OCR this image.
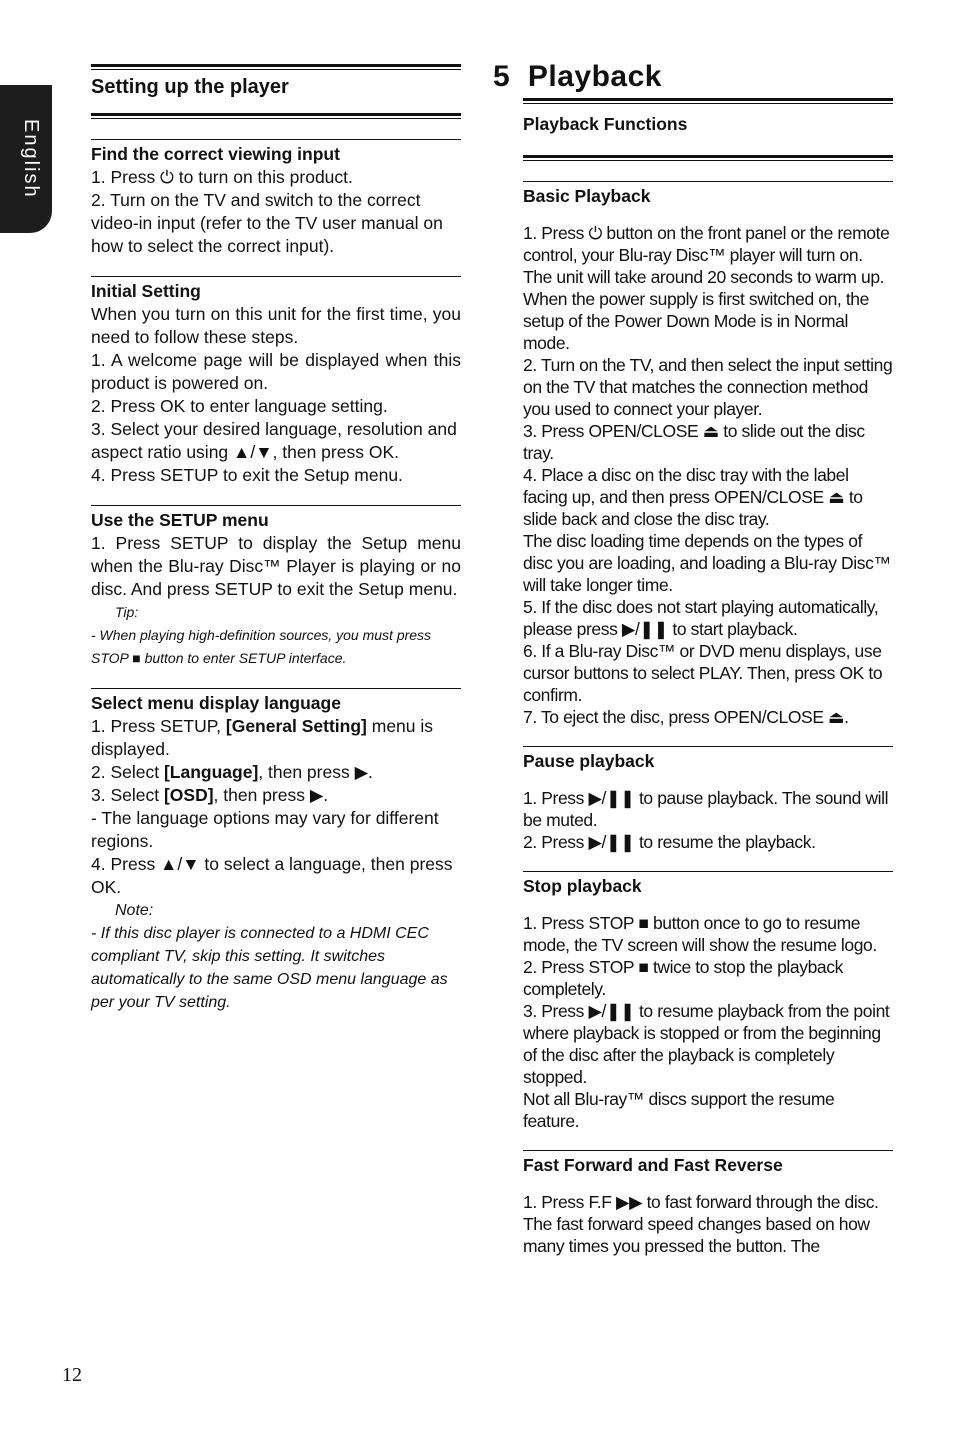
English
Setting up the player
Find the correct viewing input

1. Press ⏻ to turn on this product.

2. Turn on the TV and switch to the correct video-in input (refer to the TV user manual on how to select the correct input).

Initial Setting

When you turn on this unit for the first time, you need to follow these steps.

1. A welcome page will be displayed when this product is powered on.

2. Press OK to enter language setting.

3. Select your desired language, resolution and aspect ratio using ▲/▼, then press OK.

4. Press SETUP to exit the Setup menu.

Use the SETUP menu

1. Press SETUP to display the Setup menu when the Blu-ray Disc™ Player is playing or no disc. And press SETUP to exit the Setup menu.

Tip:

- When playing high-definition sources, you must press

STOP ■ button to enter SETUP interface.

Select menu display language

1. Press SETUP, [General Setting] menu is displayed.

2. Select [Language], then press ▶.

3. Select [OSD], then press ▶.

- The language options may vary for different regions.

4. Press ▲/▼ to select a language, then press OK.

Note:

- If this disc player is connected to a HDMI CEC compliant TV, skip this setting. It switches automatically to the same OSD menu language as per your TV setting.

5  Playback
Playback Functions
Basic Playback

1. Press ⏻ button on the front panel or the remote control, your Blu-ray Disc™ player will turn on.

The unit will take around 20 seconds to warm up. When the power supply is first switched on, the setup of the Power Down Mode is in Normal mode.

2. Turn on the TV, and then select the input setting on the TV that matches the connection method you used to connect your player.

3. Press OPEN/CLOSE ⏏ to slide out the disc tray.

4. Place a disc on the disc tray with the label facing up, and then press OPEN/CLOSE ⏏ to slide back and close the disc tray.

The disc loading time depends on the types of disc you are loading, and loading a Blu-ray Disc™ will take longer time.

5. If the disc does not start playing automatically, please press ▶/❚❚ to start playback.

6. If a Blu-ray Disc™ or DVD menu displays, use cursor buttons to select PLAY. Then, press OK to confirm.

7. To eject the disc, press OPEN/CLOSE ⏏.

Pause playback

1. Press ▶/❚❚ to pause playback. The sound will be muted.

2. Press ▶/❚❚ to resume the playback.

Stop playback

1. Press STOP ■ button once to go to resume mode, the TV screen will show the resume logo.

2. Press STOP ■ twice to stop the playback completely.

3. Press ▶/❚❚ to resume playback from the point where playback is stopped or from the beginning of the disc after the playback is completely stopped.

Not all Blu-ray™ discs support the resume feature.

Fast Forward and Fast Reverse

1. Press F.F ▶▶ to fast forward through the disc. The fast forward speed changes based on how many times you pressed the button. The

12
